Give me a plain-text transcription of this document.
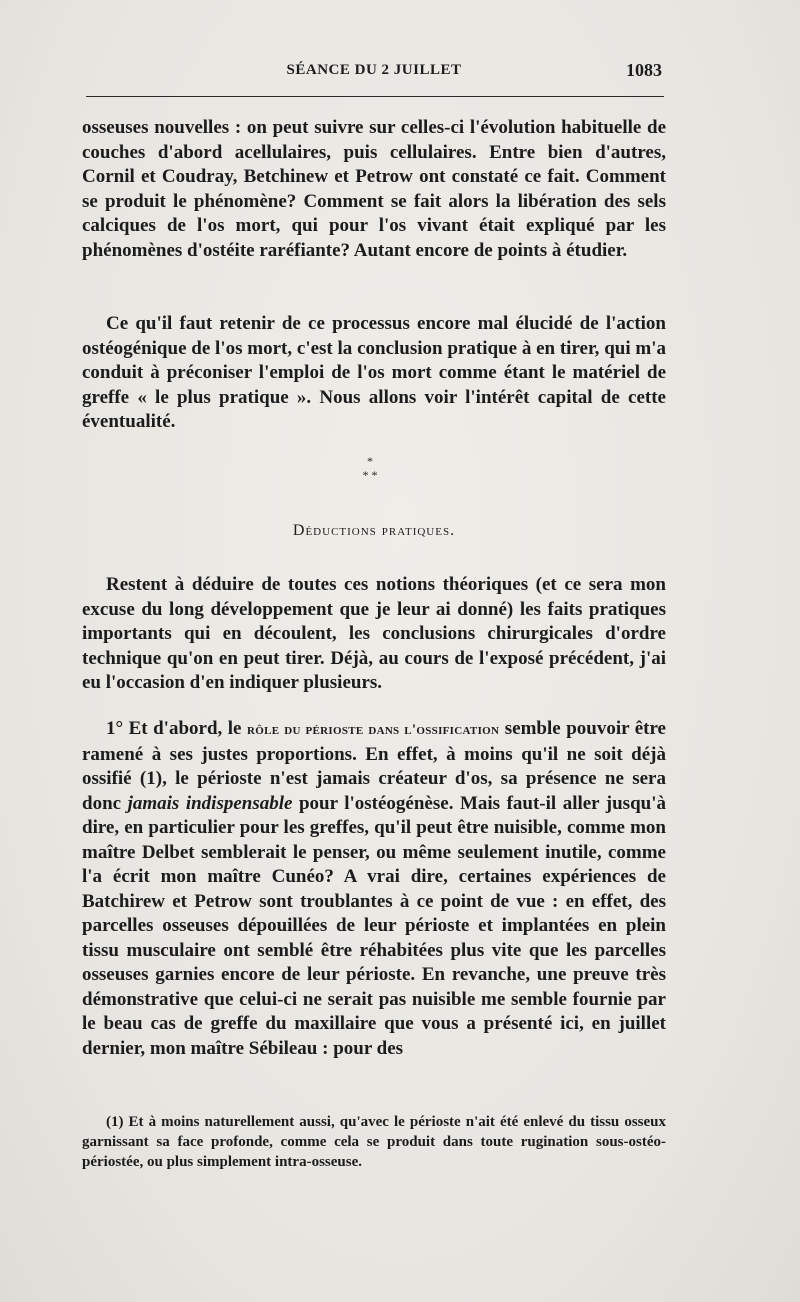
SÉANCE DU 2 JUILLET	1083

osseuses nouvelles : on peut suivre sur celles-ci l'évolution habituelle de couches d'abord acellulaires, puis cellulaires. Entre bien d'autres, Cornil et Coudray, Betchinew et Petrow ont constaté ce fait. Comment se produit le phénomène? Comment se fait alors la libération des sels calciques de l'os mort, qui pour l'os vivant était expliqué par les phénomènes d'ostéite raréfiante? Autant encore de points à étudier.

Ce qu'il faut retenir de ce processus encore mal élucidé de l'action ostéogénique de l'os mort, c'est la conclusion pratique à en tirer, qui m'a conduit à préconiser l'emploi de l'os mort comme étant le matériel de greffe « le plus pratique ». Nous allons voir l'intérêt capital de cette éventualité.

*
* *
Déductions pratiques.

Restent à déduire de toutes ces notions théoriques (et ce sera mon excuse du long développement que je leur ai donné) les faits pratiques importants qui en découlent, les conclusions chirurgicales d'ordre technique qu'on en peut tirer. Déjà, au cours de l'exposé précédent, j'ai eu l'occasion d'en indiquer plusieurs.

1° Et d'abord, le rôle du périoste dans l'ossification semble pouvoir être ramené à ses justes proportions. En effet, à moins qu'il ne soit déjà ossifié (1), le périoste n'est jamais créateur d'os, sa présence ne sera donc jamais indispensable pour l'ostéogénèse. Mais faut-il aller jusqu'à dire, en particulier pour les greffes, qu'il peut être nuisible, comme mon maître Delbet semblerait le penser, ou même seulement inutile, comme l'a écrit mon maître Cunéo? A vrai dire, certaines expériences de Batchirew et Petrow sont troublantes à ce point de vue : en effet, des parcelles osseuses dépouillées de leur périoste et implantées en plein tissu musculaire ont semblé être réhabitées plus vite que les parcelles osseuses garnies encore de leur périoste. En revanche, une preuve très démonstrative que celui-ci ne serait pas nuisible me semble fournie par le beau cas de greffe du maxillaire que vous a présenté ici, en juillet dernier, mon maître Sébileau : pour des

(1) Et à moins naturellement aussi, qu'avec le périoste n'ait été enlevé du tissu osseux garnissant sa face profonde, comme cela se produit dans toute rugination sous-ostéo-périostée, ou plus simplement intra-osseuse.
